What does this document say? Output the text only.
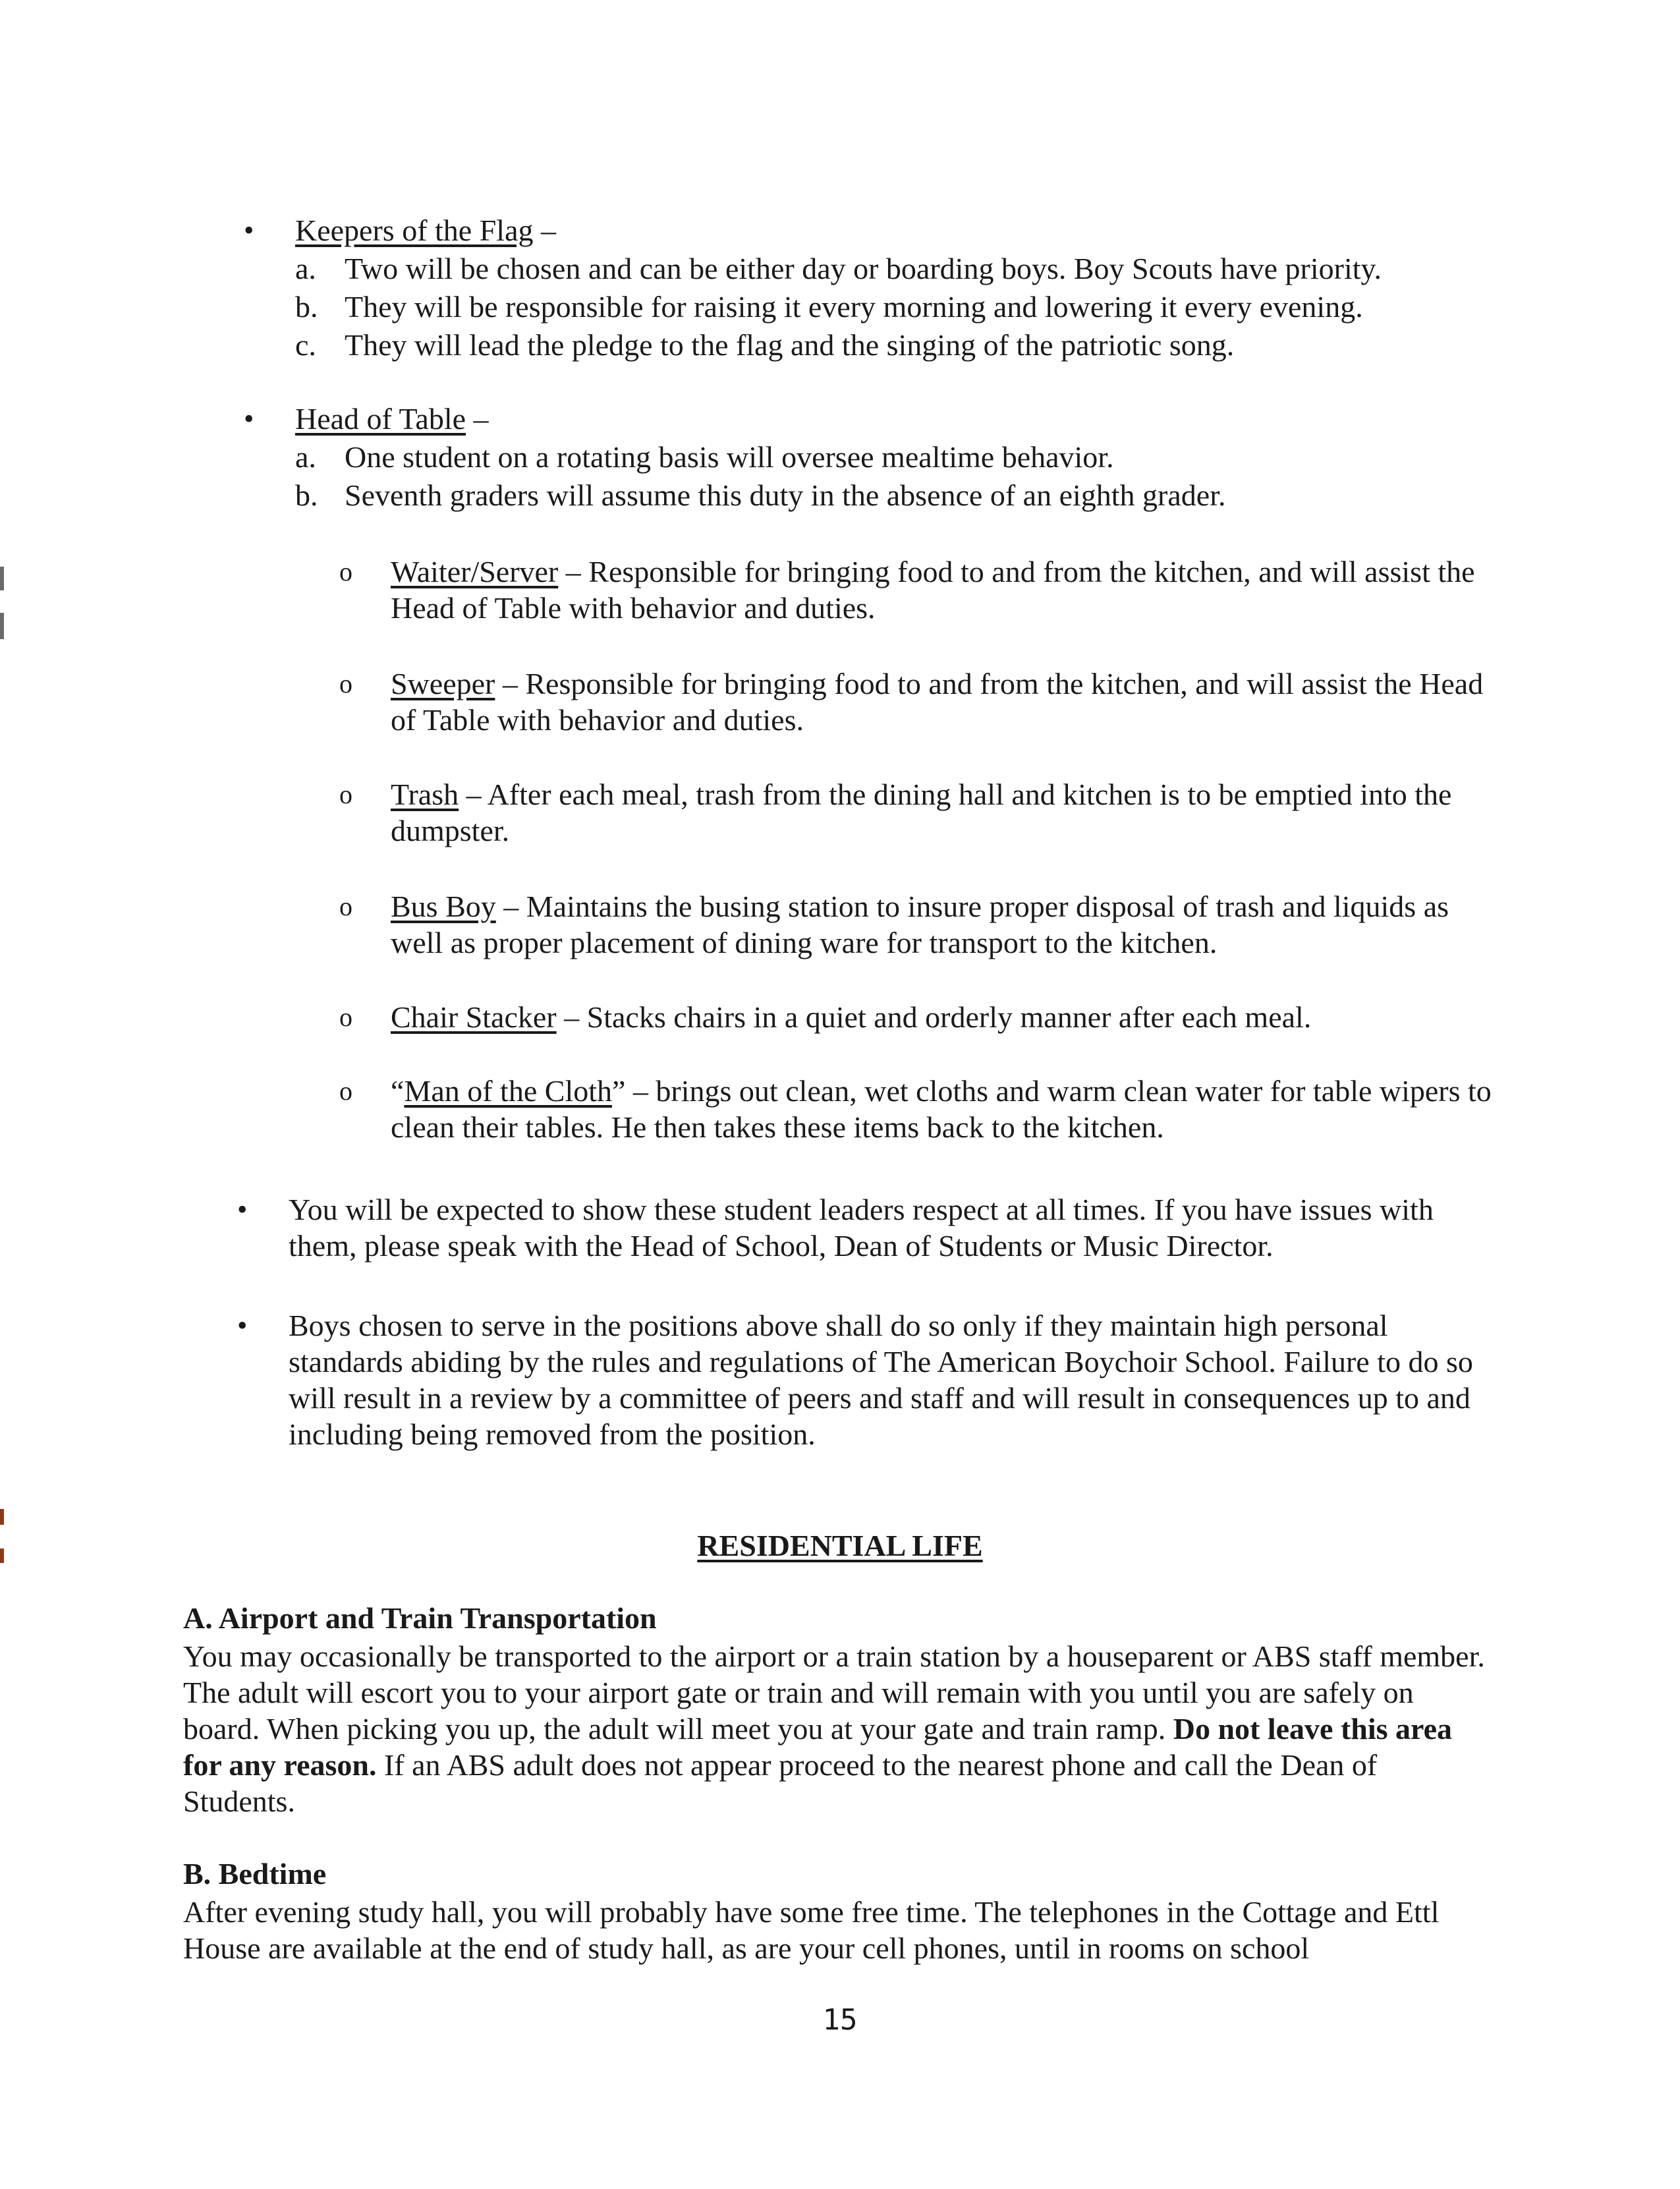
•	Keepers of the Flag –
a. Two will be chosen and can be either day or boarding boys. Boy Scouts have priority.
b. They will be responsible for raising it every morning and lowering it every evening.
c. They will lead the pledge to the flag and the singing of the patriotic song.
•	Head of Table –
a. One student on a rotating basis will oversee mealtime behavior.
b. Seventh graders will assume this duty in the absence of an eighth grader.
o Waiter/Server – Responsible for bringing food to and from the kitchen, and will assist the Head of Table with behavior and duties.
o Sweeper – Responsible for bringing food to and from the kitchen, and will assist the Head of Table with behavior and duties.
o Trash – After each meal, trash from the dining hall and kitchen is to be emptied into the dumpster.
o Bus Boy – Maintains the busing station to insure proper disposal of trash and liquids as well as proper placement of dining ware for transport to the kitchen.
o Chair Stacker – Stacks chairs in a quiet and orderly manner after each meal.
o “Man of the Cloth” – brings out clean, wet cloths and warm clean water for table wipers to clean their tables. He then takes these items back to the kitchen.
•	You will be expected to show these student leaders respect at all times. If you have issues with them, please speak with the Head of School, Dean of Students or Music Director.
•	Boys chosen to serve in the positions above shall do so only if they maintain high personal standards abiding by the rules and regulations of The American Boychoir School. Failure to do so will result in a review by a committee of peers and staff and will result in consequences up to and including being removed from the position.
RESIDENTIAL LIFE
A. Airport and Train Transportation
You may occasionally be transported to the airport or a train station by a houseparent or ABS staff member. The adult will escort you to your airport gate or train and will remain with you until you are safely on board. When picking you up, the adult will meet you at your gate and train ramp. Do not leave this area for any reason. If an ABS adult does not appear proceed to the nearest phone and call the Dean of Students.
B. Bedtime
After evening study hall, you will probably have some free time. The telephones in the Cottage and Ettl House are available at the end of study hall, as are your cell phones, until in rooms on school
15
